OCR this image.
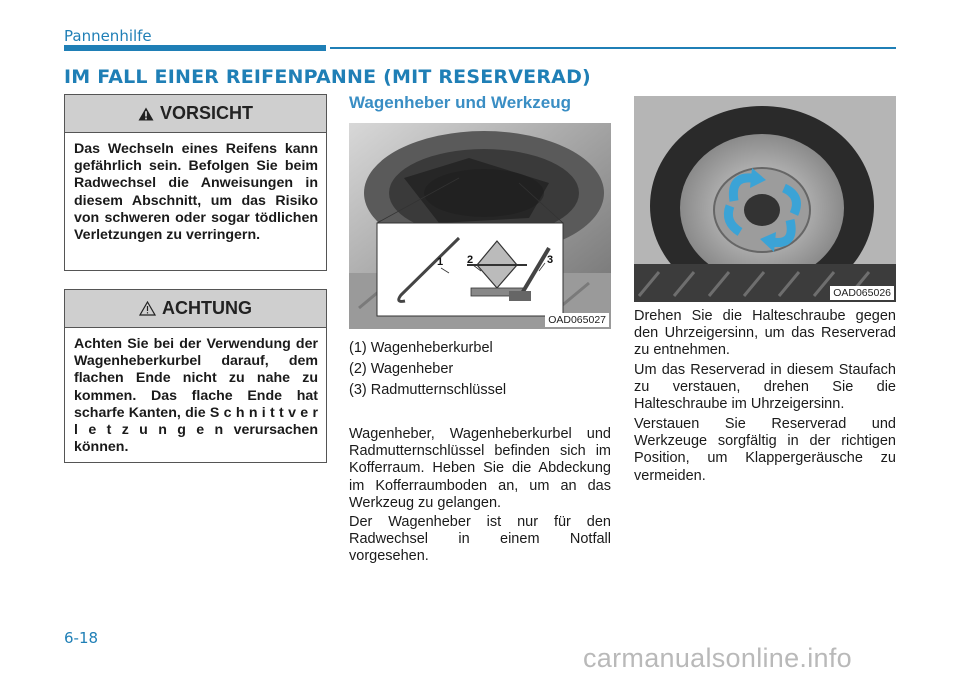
Pannenhilfe
IM FALL EINER REIFENPANNE (MIT RESERVERAD)
VORSICHT
Das Wechseln eines Reifens kann gefährlich sein. Befolgen Sie beim Radwechsel die Anweisungen in diesem Abschnitt, um das Risiko von schweren oder sogar tödlichen Verletzungen zu verringern.
ACHTUNG
Achten Sie bei der Verwendung der Wagenheberkurbel darauf, dem flachen Ende nicht zu nahe zu kommen. Das flache Ende hat scharfe Kanten, die S c h n i t t v e r l e t z u n g e n verursachen können.
Wagenheber und Werkzeug
1 2	3
OAD065027
(1) Wagenheberkurbel
(2) Wagenheber
(3) Radmutternschlüssel
Wagenheber, Wagenheberkurbel und Radmutternschlüssel befinden sich im Kofferraum. Heben Sie die Abdeckung im Kofferraumboden an, um an das Werkzeug zu gelangen.
Der Wagenheber ist nur für den Radwechsel in einem Notfall vorgesehen.
OAD065026
Drehen Sie die Halteschraube gegen den Uhrzeigersinn, um das Reserverad zu entnehmen.
Um das Reserverad in diesem Staufach zu verstauen, drehen Sie die Halteschraube im Uhrzeigersinn.
Verstauen Sie Reserverad und Werkzeuge sorgfältig in der richtigen Position, um Klappergeräusche zu vermeiden.
6-18
carmanualsonline.info
